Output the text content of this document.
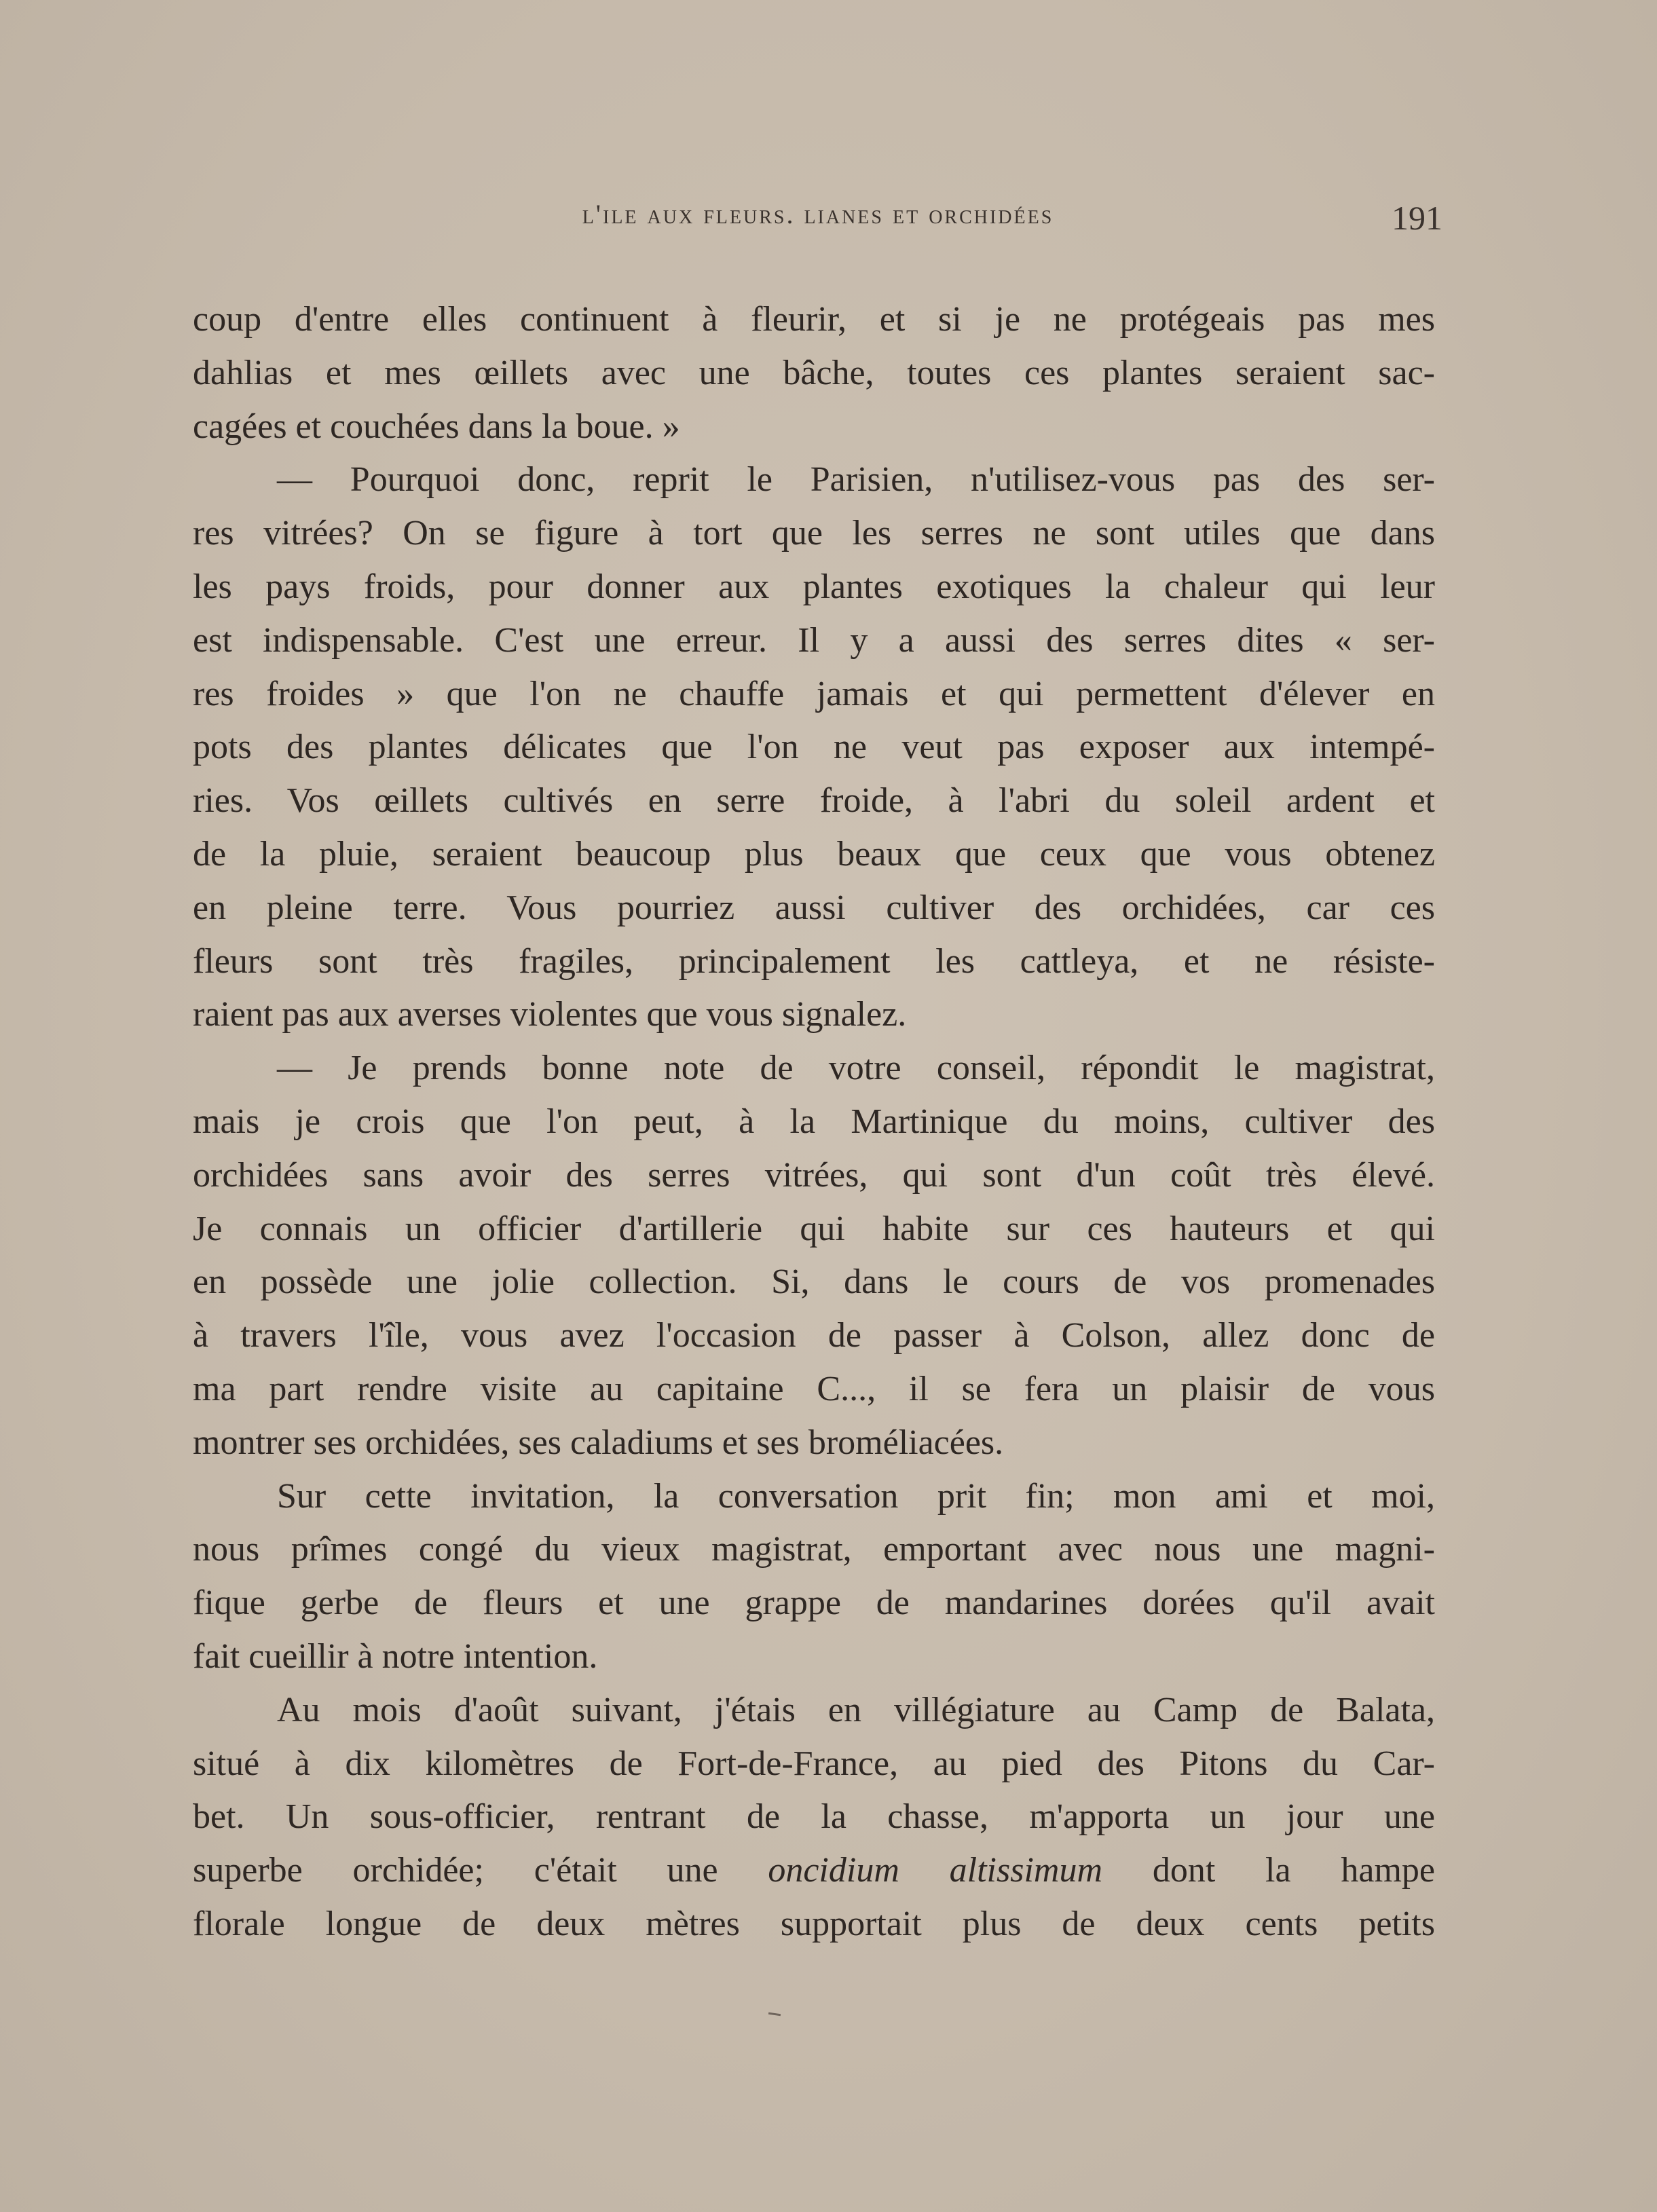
l'ile aux fleurs. lianes et orchidées	191
coup d'entre elles continuent à fleurir, et si je ne protégeais pas mes
dahlias et mes œillets avec une bâche, toutes ces plantes seraient sac-
cagées et couchées dans la boue. »
— Pourquoi donc, reprit le Parisien, n'utilisez-vous pas des ser-
res vitrées? On se figure à tort que les serres ne sont utiles que dans
les pays froids, pour donner aux plantes exotiques la chaleur qui leur
est indispensable. C'est une erreur. Il y a aussi des serres dites « ser-
res froides » que l'on ne chauffe jamais et qui permettent d'élever en
pots des plantes délicates que l'on ne veut pas exposer aux intempé-
ries. Vos œillets cultivés en serre froide, à l'abri du soleil ardent et
de la pluie, seraient beaucoup plus beaux que ceux que vous obtenez
en pleine terre. Vous pourriez aussi cultiver des orchidées, car ces
fleurs sont très fragiles, principalement les cattleya, et ne résiste-
raient pas aux averses violentes que vous signalez.
— Je prends bonne note de votre conseil, répondit le magistrat,
mais je crois que l'on peut, à la Martinique du moins, cultiver des
orchidées sans avoir des serres vitrées, qui sont d'un coût très élevé.
Je connais un officier d'artillerie qui habite sur ces hauteurs et qui
en possède une jolie collection. Si, dans le cours de vos promenades
à travers l'île, vous avez l'occasion de passer à Colson, allez donc de
ma part rendre visite au capitaine C..., il se fera un plaisir de vous
montrer ses orchidées, ses caladiums et ses broméliacées.
Sur cette invitation, la conversation prit fin; mon ami et moi,
nous prîmes congé du vieux magistrat, emportant avec nous une magni-
fique gerbe de fleurs et une grappe de mandarines dorées qu'il avait
fait cueillir à notre intention.
Au mois d'août suivant, j'étais en villégiature au Camp de Balata,
situé à dix kilomètres de Fort-de-France, au pied des Pitons du Car-
bet. Un sous-officier, rentrant de la chasse, m'apporta un jour une
superbe orchidée; c'était une oncidium altissimum dont la hampe
florale longue de deux mètres supportait plus de deux cents petits
